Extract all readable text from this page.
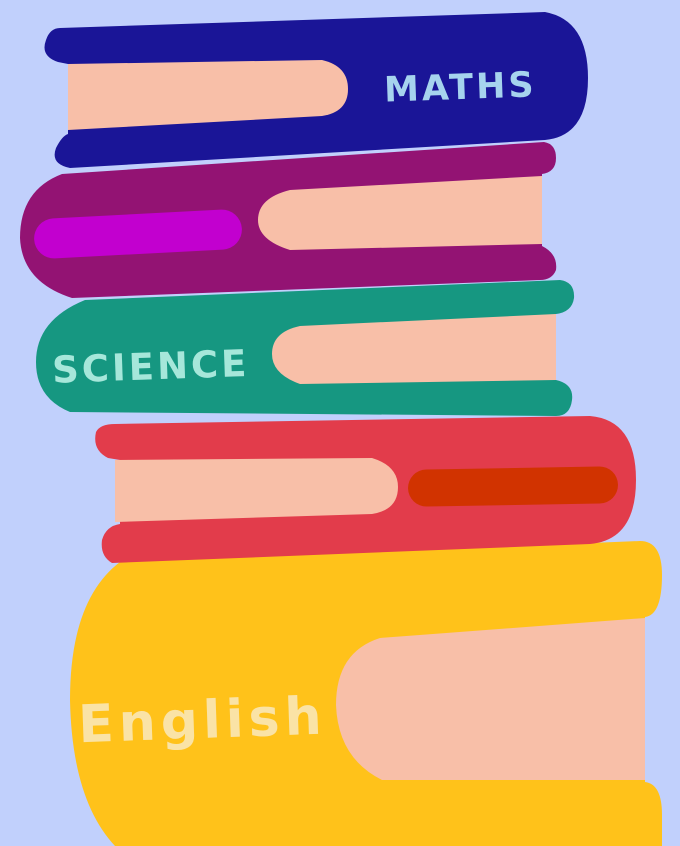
English
SCIENCE
MATHS
